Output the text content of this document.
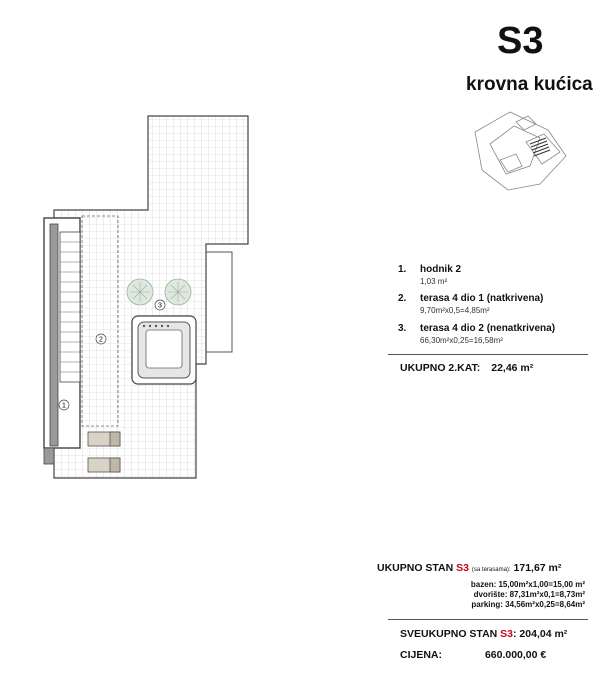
S3
krovna kućica
1
2
3
1. hodnik 2
1,03 m²
2. terasa 4 dio 1 (natkrivena)
9,70m²x0,5=4,85m²
3. terasa 4 dio 2 (nenatkrivena)
66,30m²x0,25=16,58m²
UKUPNO 2.KAT: 22,46 m²
UKUPNO STAN S3 (sa terasama): 171,67 m²
bazen: 15,00m²x1,00=15,00 m²
dvorište: 87,31m²x0,1=8,73m²
parking: 34,56m²x0,25=8,64m²
SVEUKUPNO STAN S3: 204,04 m²
CIJENA:	660.000,00 €
